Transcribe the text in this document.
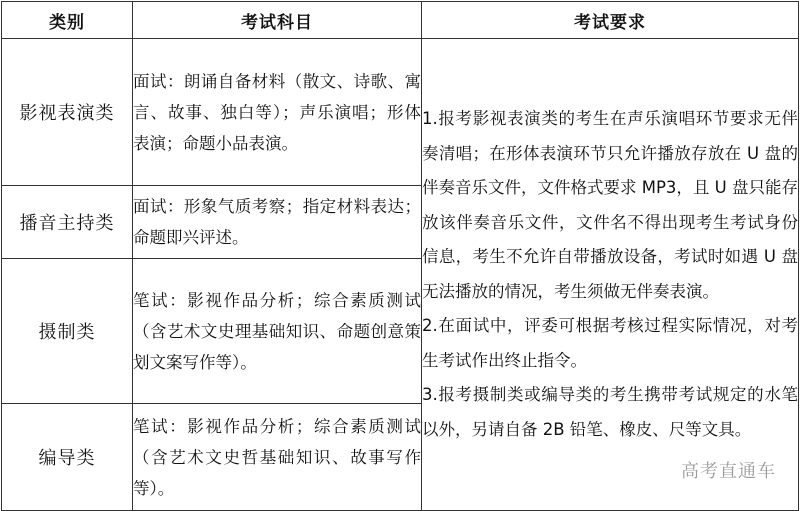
类别	考试科目	考试要求
影视表演类	面试：朗诵自备材料（散文、诗歌、寓言、故事、独白等）；声乐演唱；形体表演；命题小品表演。	1.报考影视表演类的考生在声乐演唱环节要求无伴奏清唱；在形体表演环节只允许播放存放在 U 盘的伴奏音乐文件，文件格式要求 MP3，且 U 盘只能存放该伴奏音乐文件，文件名不得出现考生考试身份信息，考生不允许自带播放设备，考试时如遇 U 盘无法播放的情况，考生须做无伴奏表演。
2.在面试中，评委可根据考核过程实际情况，对考生考试作出终止指令。
3.报考摄制类或编导类的考生携带考试规定的水笔以外，另请自备 2B 铅笔、橡皮、尺等文具。

播音主持类	面试：形象气质考察；指定材料表达；命题即兴评述。	
摄制类	笔试：影视作品分析；综合素质测试（含艺术文史理基础知识、命题创意策划文案写作等）。	
编导类	笔试：影视作品分析；综合素质测试（含艺术文史哲基础知识、故事写作等）。	
高考直通车
